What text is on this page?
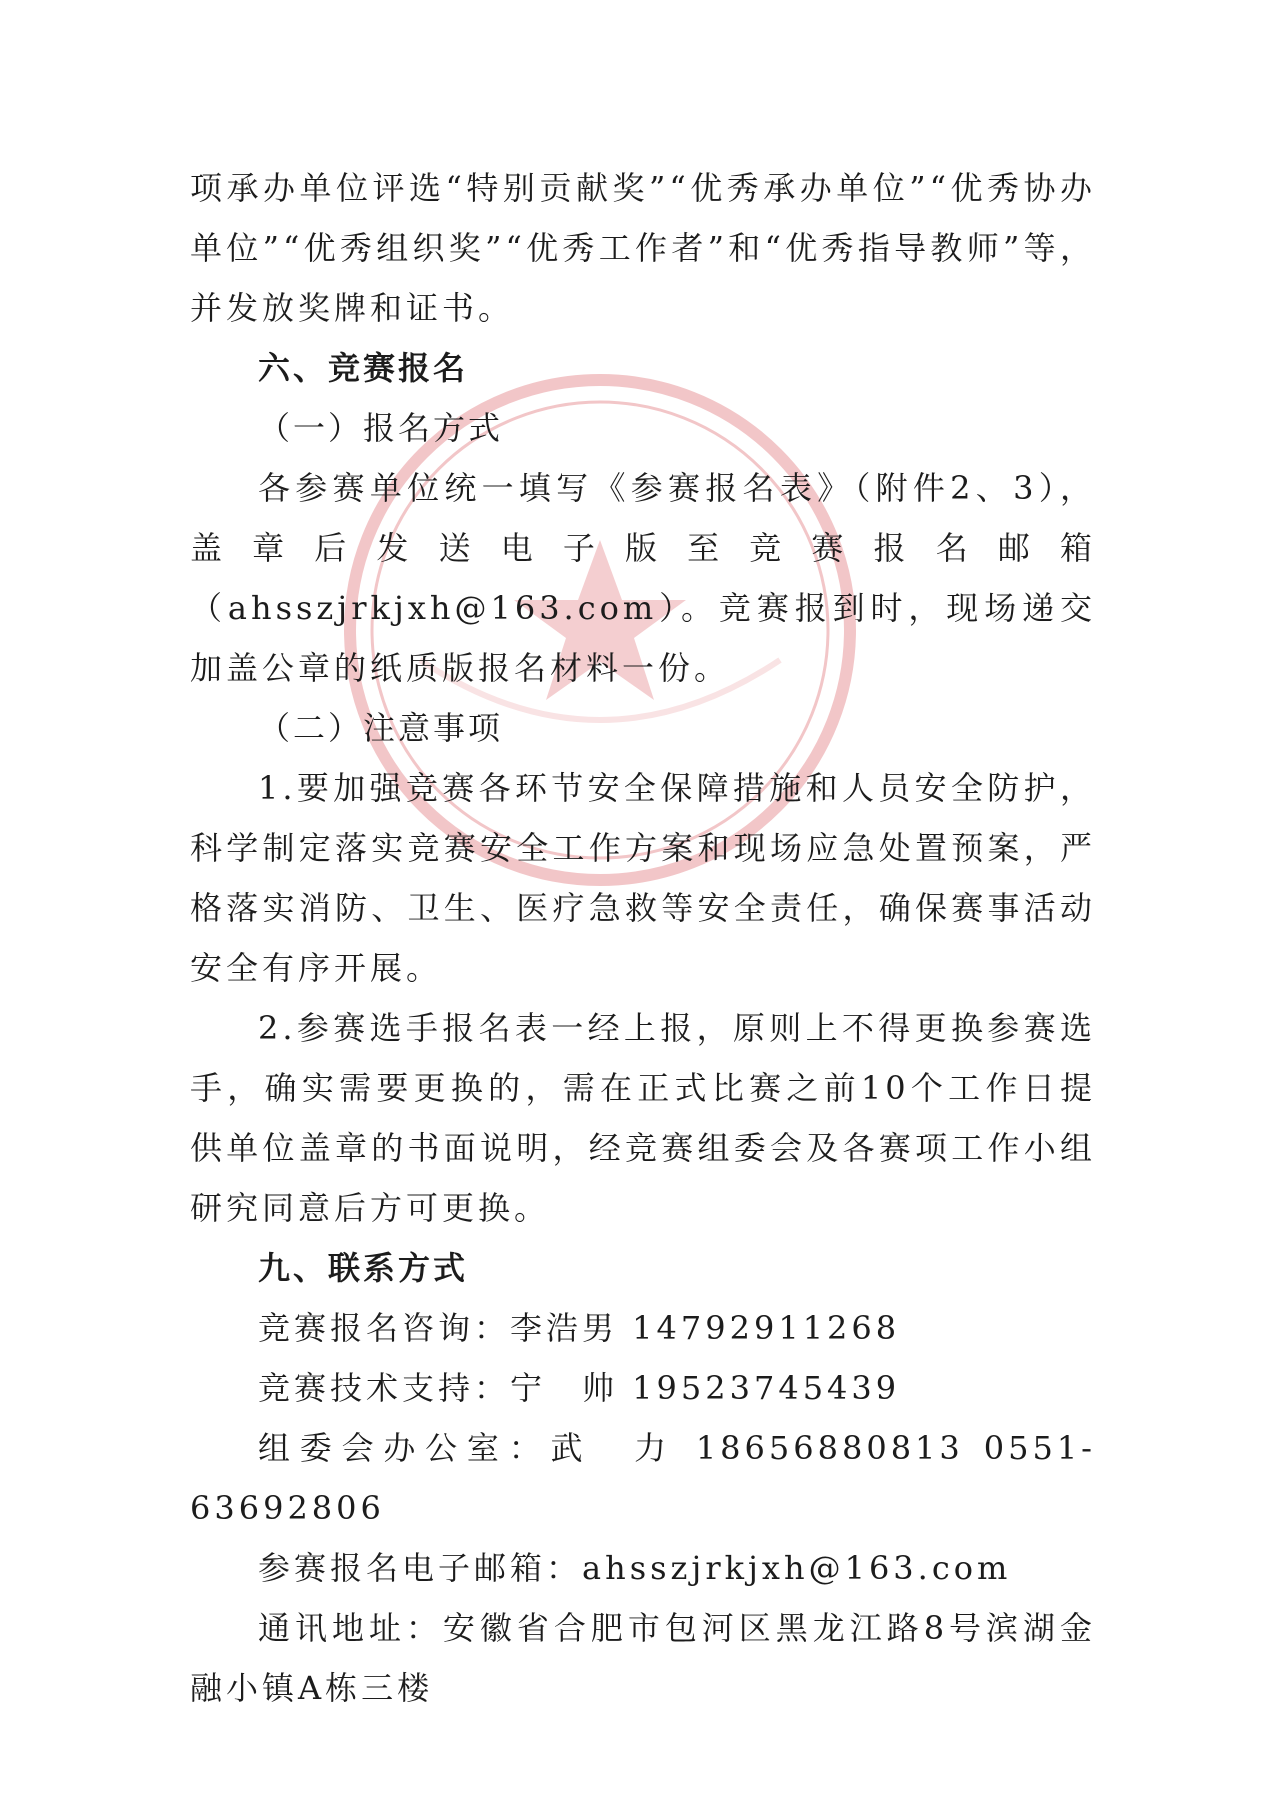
项承办单位评选“特别贡献奖”“优秀承办单位”“优秀协办单位”“优秀组织奖”“优秀工作者”和“优秀指导教师”等，并发放奖牌和证书。

六、竞赛报名

（一）报名方式

各参赛单位统一填写《参赛报名表》（附件2、3），盖章后发送电子版至竞赛报名邮箱（ahsszjrkjxh@163.com）。竞赛报到时，现场递交加盖公章的纸质版报名材料一份。

（二）注意事项

1.要加强竞赛各环节安全保障措施和人员安全防护，科学制定落实竞赛安全工作方案和现场应急处置预案，严格落实消防、卫生、医疗急救等安全责任，确保赛事活动安全有序开展。

2.参赛选手报名表一经上报，原则上不得更换参赛选手，确实需要更换的，需在正式比赛之前10个工作日提供单位盖章的书面说明，经竞赛组委会及各赛项工作小组研究同意后方可更换。

九、联系方式

竞赛报名咨询：李浩男 14792911268

竞赛技术支持：宁　帅 19523745439

组委会办公室：武　力 18656880813 0551-63692806

参赛报名电子邮箱：ahsszjrkjxh@163.com

通讯地址：安徽省合肥市包河区黑龙江路8号滨湖金融小镇A栋三楼
